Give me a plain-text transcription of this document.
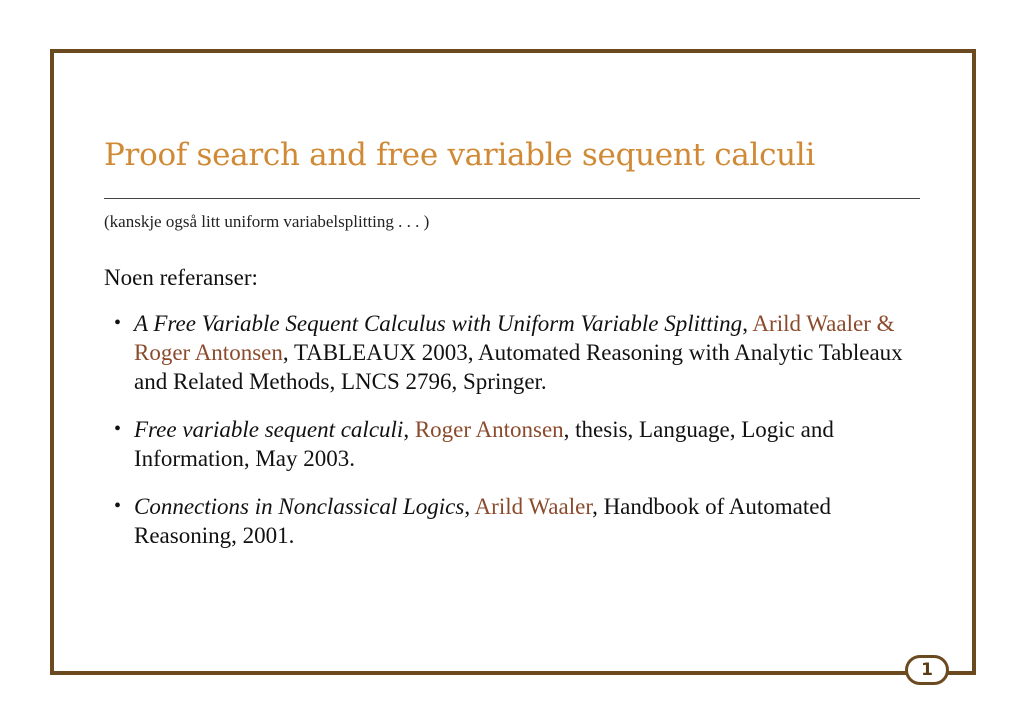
Proof search and free variable sequent calculi
(kanskje også litt uniform variabelsplitting . . . )
Noen referanser:
• A Free Variable Sequent Calculus with Uniform Variable Splitting, Arild Waaler & Roger Antonsen, TABLEAUX 2003, Automated Reasoning with Analytic Tableaux and Related Methods, LNCS 2796, Springer.
• Free variable sequent calculi, Roger Antonsen, thesis, Language, Logic and Information, May 2003.
• Connections in Nonclassical Logics, Arild Waaler, Handbook of Automated Reasoning, 2001.
1
